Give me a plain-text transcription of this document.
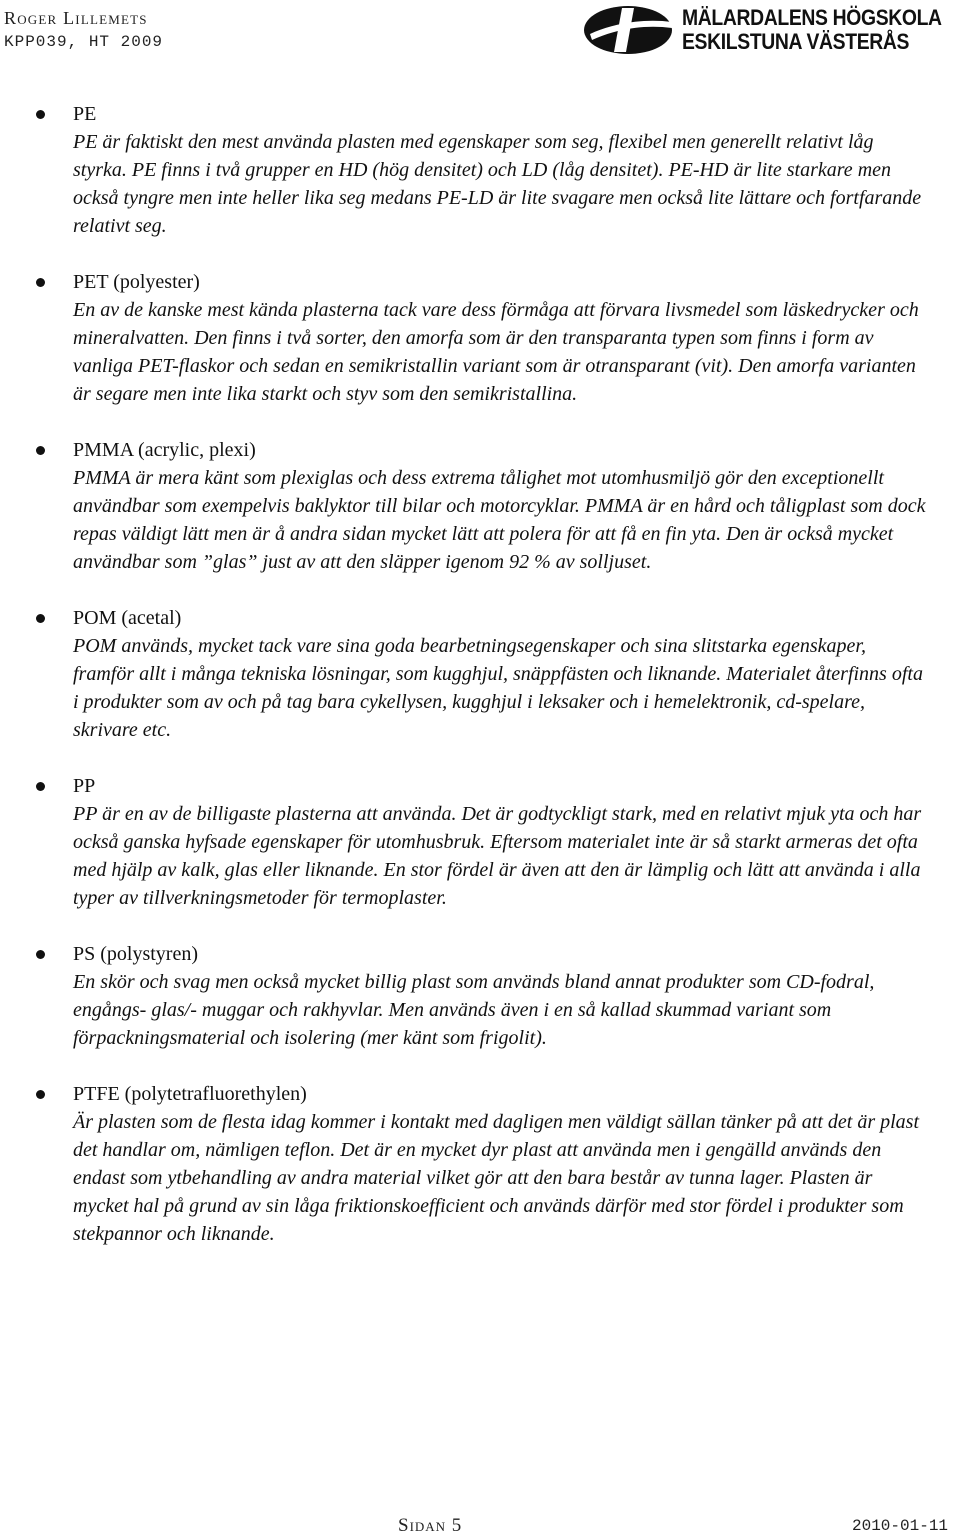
Roger Lillemets
KPP039, HT 2009
MÄLARDALENS HÖGSKOLA
ESKILSTUNA VÄSTERÅS
PE
PE är faktiskt den mest använda plasten med egenskaper som seg, flexibel men generellt relativt låg styrka. PE finns i två grupper en HD (hög densitet) och LD (låg densitet). PE-HD är lite starkare men också tyngre men inte heller lika seg medans PE-LD är lite svagare men också lite lättare och fortfarande relativt seg.
PET (polyester)
En av de kanske mest kända plasterna tack vare dess förmåga att förvara livsmedel som läskedrycker och mineralvatten. Den finns i två sorter, den amorfa som är den transparanta typen som finns i form av vanliga PET-flaskor och sedan en semikristallin variant som är otransparant (vit). Den amorfa varianten är segare men inte lika starkt och styv som den semikristallina.
PMMA (acrylic, plexi)
PMMA är mera känt som plexiglas och dess extrema tålighet mot utomhusmiljö gör den exceptionellt användbar som exempelvis baklyktor till bilar och motorcyklar. PMMA är en hård och tåligplast som dock repas väldigt lätt men är å andra sidan mycket lätt att polera för att få en fin yta. Den är också mycket användbar som ”glas” just av att den släpper igenom 92 % av solljuset.
POM (acetal)
POM används, mycket tack vare sina goda bearbetningsegenskaper och sina slitstarka egenskaper, framför allt i många tekniska lösningar, som kugghjul, snäppfästen och liknande. Materialet återfinns ofta i produkter som av och på tag bara cykellysen, kugghjul i leksaker och i hemelektronik, cd-spelare, skrivare etc.
PP
PP är en av de billigaste plasterna att använda. Det är godtyckligt stark, med en relativt mjuk yta och har också ganska hyfsade egenskaper för utomhusbruk. Eftersom materialet inte är så starkt armeras det ofta med hjälp av kalk, glas eller liknande. En stor fördel är även att den är lämplig och lätt att använda i alla typer av tillverkningsmetoder för termoplaster.
PS (polystyren)
En skör och svag men också mycket billig plast som används bland annat produkter som CD-fodral, engångs- glas/- muggar och rakhyvlar. Men används även i en så kallad skummad variant som förpackningsmaterial och isolering (mer känt som frigolit).
PTFE (polytetrafluorethylen)
Är plasten som de flesta idag kommer i kontakt med dagligen men väldigt sällan tänker på att det är plast det handlar om, nämligen teflon. Det är en mycket dyr plast att använda men i gengälld används den endast som ytbehandling av andra material vilket gör att den bara består av tunna lager. Plasten är mycket hal på grund av sin låga friktionskoefficient och används därför med stor fördel i produkter som stekpannor och liknande.
Sidan 5	2010-01-11
